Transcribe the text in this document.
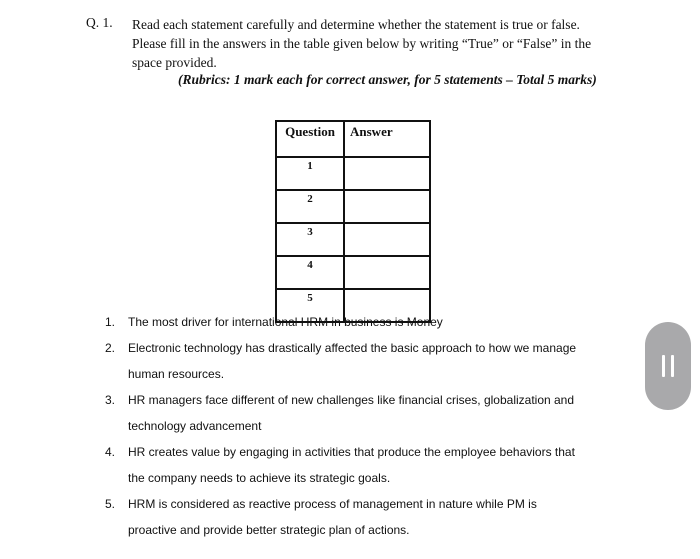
Q. 1. Read each statement carefully and determine whether the statement is true or false.
Please fill in the answers in the table given below by writing “True” or “False” in the
space provided.
(Rubrics: 1 mark each for correct answer, for 5 statements – Total 5 marks)
Question	Answer
1	
2	
3	
4	
5	
1. The most driver for international HRM in business is Money
2. Electronic technology has drastically affected the basic approach to how we manage
human resources.
3. HR managers face different of new challenges like financial crises, globalization and
technology advancement
4. HR creates value by engaging in activities that produce the employee behaviors that
the company needs to achieve its strategic goals.
5. HRM is considered as reactive process of management in nature while PM is
proactive and provide better strategic plan of actions.
